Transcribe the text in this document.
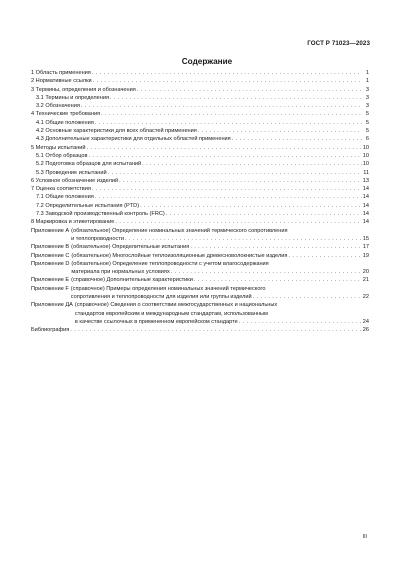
ГОСТ Р 71023—2023
Содержание
1 Область применения . . .	1
2 Нормативные ссылки . . .	1
3 Термины, определения и обозначения . . .	3
3.1 Термины и определения . . .	3
3.2 Обозначения . . .	3
4 Технические требования . . .	5
4.1 Общие положения . . .	5
4.2 Основные характеристики для всех областей применения . . .	5
4.3 Дополнительные характеристики для отдельных областей применения . . .	6
5 Методы испытаний . . .	10
5.1 Отбор образцов . . .	10
5.2 Подготовка образцов для испытаний . . .	10
5.3 Проведение испытаний . . .	11
6 Условное обозначение изделий . . .	13
7 Оценка соответствия . . .	14
7.1 Общие положения . . .	14
7.2 Определительные испытания (PTD) . . .	14
7.3 Заводской производственный контроль (FRC) . . .	14
8 Маркировка и этикетирование . . .	14
Приложение А (обязательное) Определение номинальных значений термического сопротивления
и теплопроводности . . .	15
Приложение B (обязательное) Определительные испытания . . .	17
Приложение C (обязательное) Многослойные теплоизоляционные древесноволокнистые изделия . . .	19
Приложение D (обязательное) Определение теплопроводности с учетом влагосодержания
материала при нормальных условиях . . .	20
Приложение E (справочное) Дополнительные характеристики . . .	21
Приложение F (справочное) Примеры определения номинальных значений термического
сопротивления и теплопроводности для изделия или группы изделий . . .	22
Приложение ДА (справочное) Сведения о соответствии межгосударственных и национальных
стандартов европейским и международным стандартам, использованным
в качестве ссылочных в примененном европейском стандарте . . .	24
Библиография . . .	26
III
